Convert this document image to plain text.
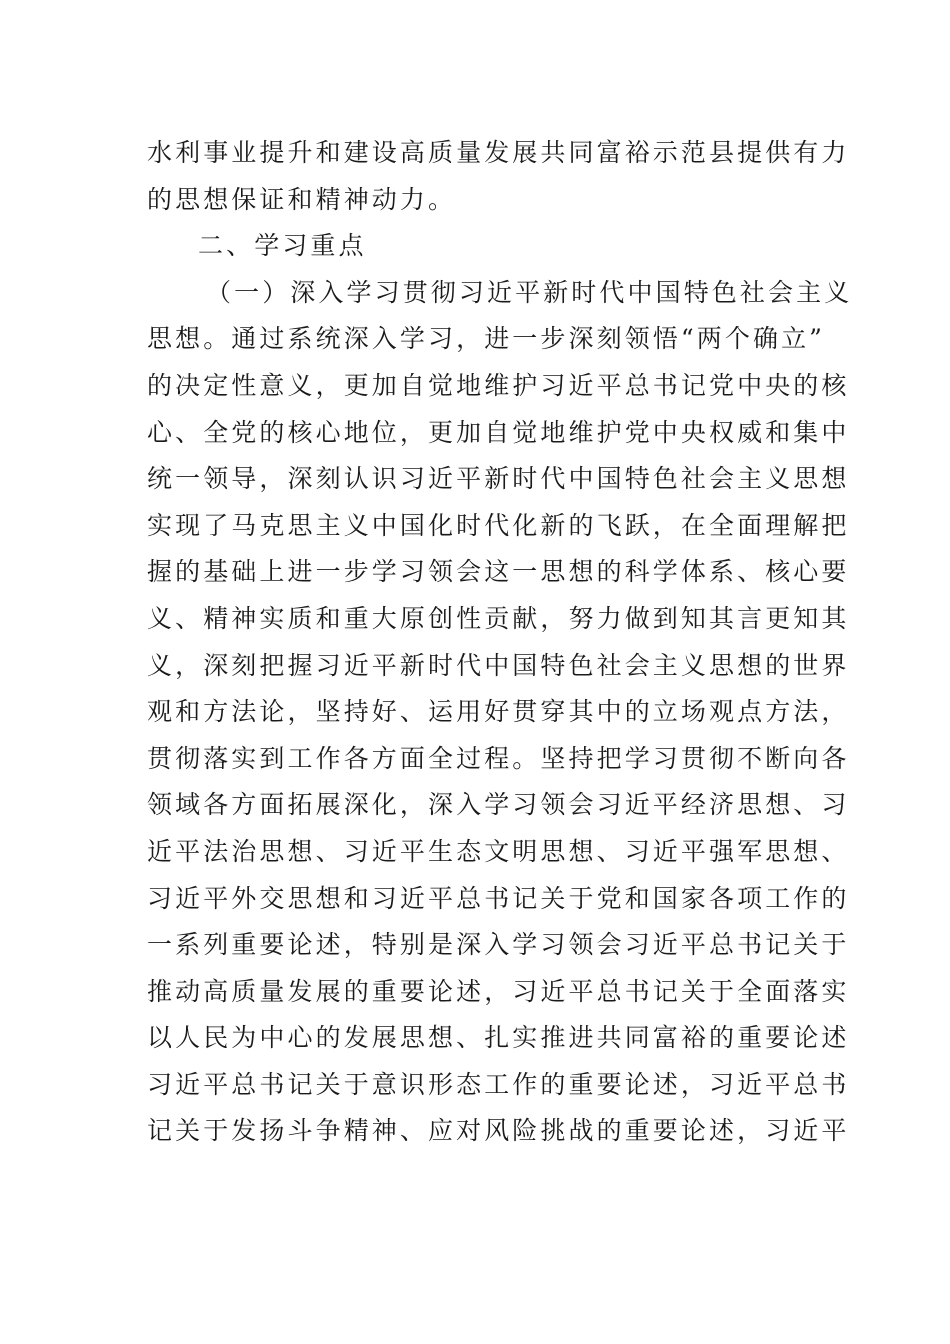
水利事业提升和建设高质量发展共同富裕示范县提供有力
的思想保证和精神动力。
二、学习重点
（一）深入学习贯彻习近平新时代中国特色社会主义
思想。通过系统深入学习，进一步深刻领悟“两个确立”
的决定性意义，更加自觉地维护习近平总书记党中央的核
心、全党的核心地位，更加自觉地维护党中央权威和集中
统一领导，深刻认识习近平新时代中国特色社会主义思想
实现了马克思主义中国化时代化新的飞跃，在全面理解把
握的基础上进一步学习领会这一思想的科学体系、核心要
义、精神实质和重大原创性贡献，努力做到知其言更知其
义，深刻把握习近平新时代中国特色社会主义思想的世界
观和方法论，坚持好、运用好贯穿其中的立场观点方法，
贯彻落实到工作各方面全过程。坚持把学习贯彻不断向各
领域各方面拓展深化，深入学习领会习近平经济思想、习
近平法治思想、习近平生态文明思想、习近平强军思想、
习近平外交思想和习近平总书记关于党和国家各项工作的
一系列重要论述，特别是深入学习领会习近平总书记关于
推动高质量发展的重要论述，习近平总书记关于全面落实
以人民为中心的发展思想、扎实推进共同富裕的重要论述
习近平总书记关于意识形态工作的重要论述，习近平总书
记关于发扬斗争精神、应对风险挑战的重要论述，习近平
